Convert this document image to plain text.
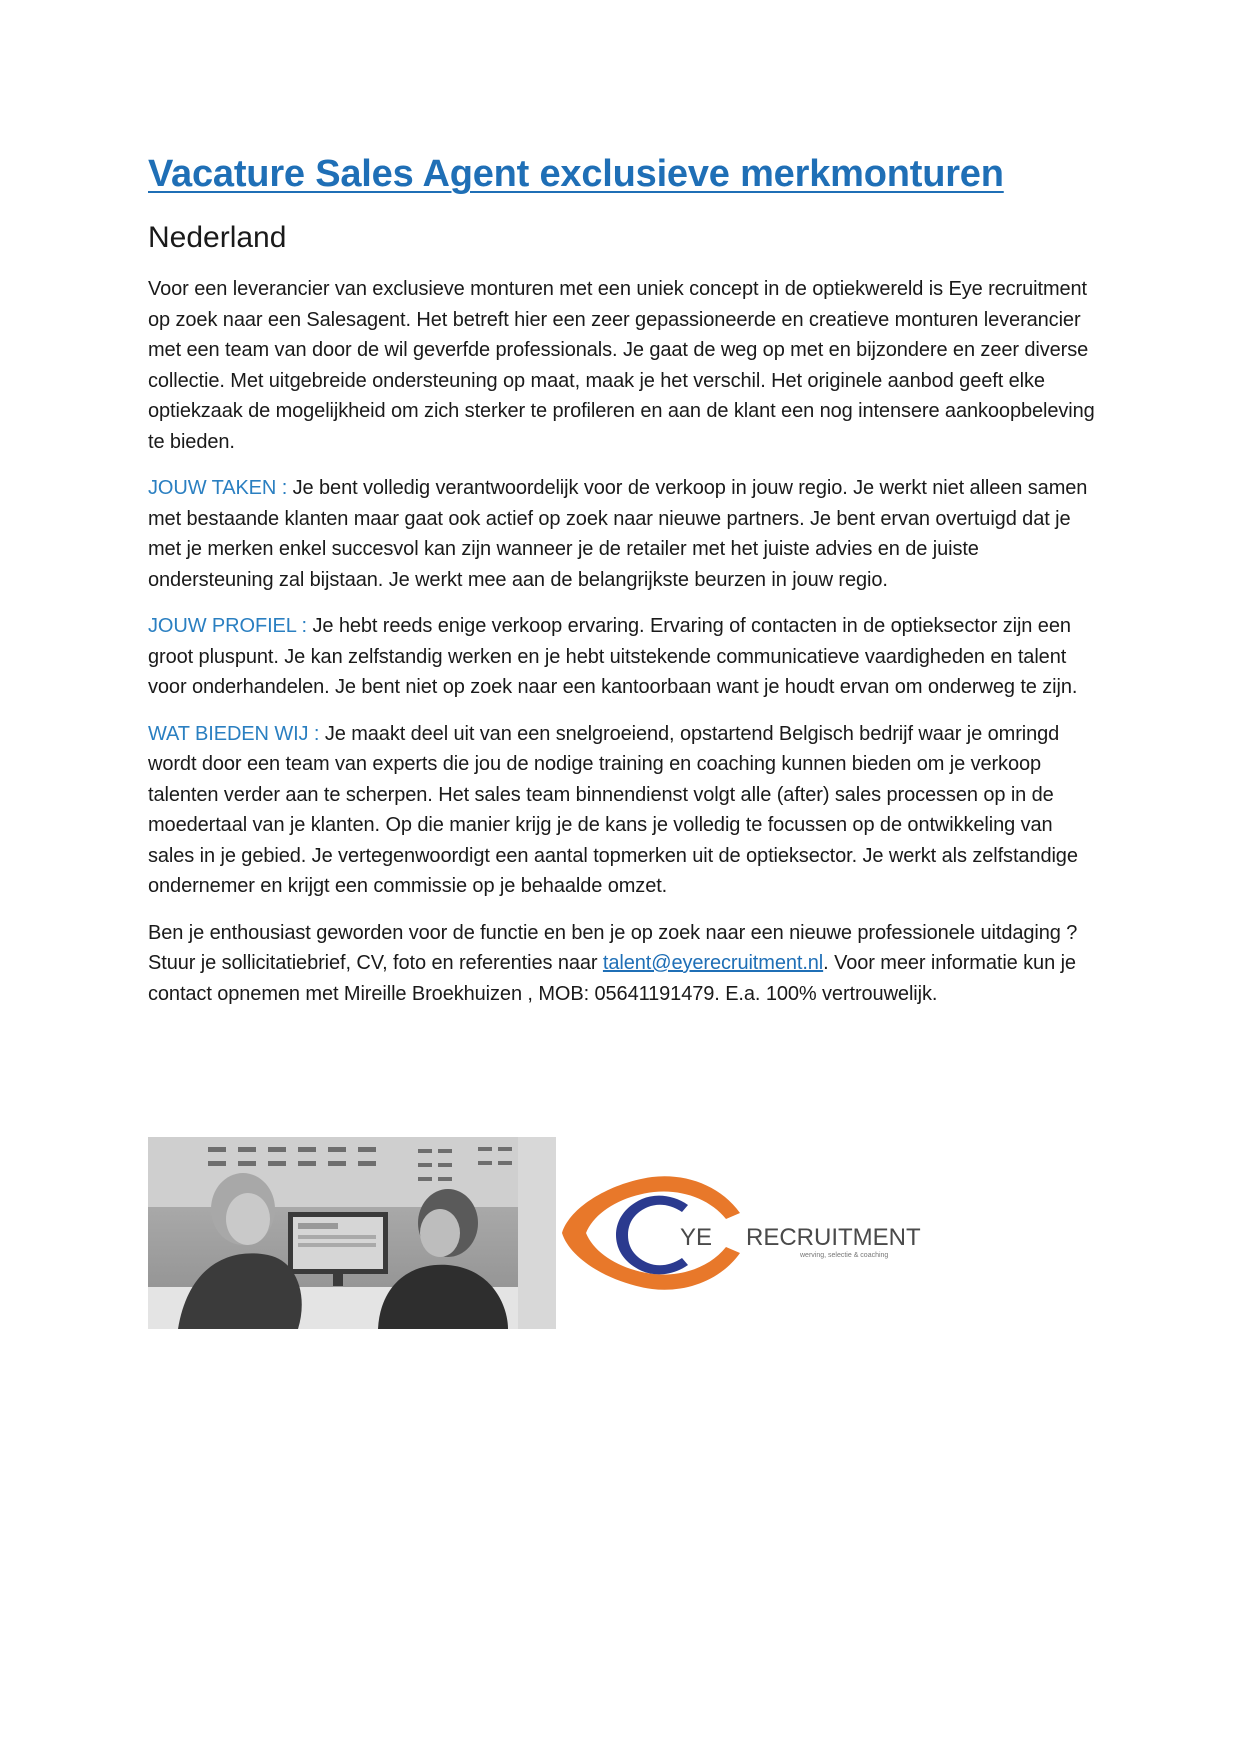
Vacature Sales Agent exclusieve merkmonturen
Nederland

Voor een leverancier van exclusieve monturen met een uniek concept in de optiekwereld is Eye recruitment op zoek naar een Salesagent. Het betreft hier een zeer gepassioneerde en creatieve monturen leverancier met een team van door de wil geverfde professionals. Je gaat de weg op met en bijzondere en zeer diverse collectie. Met uitgebreide ondersteuning op maat, maak je het verschil. Het originele aanbod geeft elke optiekzaak de mogelijkheid om zich sterker te profileren en aan de klant een nog intensere aankoopbeleving te bieden.

JOUW TAKEN : Je bent volledig verantwoordelijk voor de verkoop in jouw regio. Je werkt niet alleen samen met bestaande klanten maar gaat ook actief op zoek naar nieuwe partners. Je bent ervan overtuigd dat je met je merken enkel succesvol kan zijn wanneer je de retailer met het juiste advies en de juiste ondersteuning zal bijstaan. Je werkt mee aan de belangrijkste beurzen in jouw regio.

JOUW PROFIEL : Je hebt reeds enige verkoop ervaring. Ervaring of contacten in de optieksector zijn een groot pluspunt. Je kan zelfstandig werken en je hebt uitstekende communicatieve vaardigheden en talent voor onderhandelen. Je bent niet op zoek naar een kantoorbaan want je houdt ervan om onderweg te zijn.

WAT BIEDEN WIJ : Je maakt deel uit van een snelgroeiend, opstartend Belgisch bedrijf waar je omringd wordt door een team van experts die jou de nodige training en coaching kunnen bieden om je verkoop talenten verder aan te scherpen. Het sales team binnendienst volgt alle (after) sales processen op in de moedertaal van je klanten. Op die manier krijg je de kans je volledig te focussen op de ontwikkeling van sales in je gebied. Je vertegenwoordigt een aantal topmerken uit de optieksector. Je werkt als zelfstandige ondernemer en krijgt een commissie op je behaalde omzet.

Ben je enthousiast geworden voor de functie en ben je op zoek naar een nieuwe professionele uitdaging ? Stuur je sollicitatiebrief, CV, foto en referenties naar talent@eyerecruitment.nl. Voor meer informatie kun je contact opnemen met Mireille Broekhuizen , MOB: 05641191479. E.a. 100% vertrouwelijk.

YE RECRUITMENT
werving, selectie & coaching
